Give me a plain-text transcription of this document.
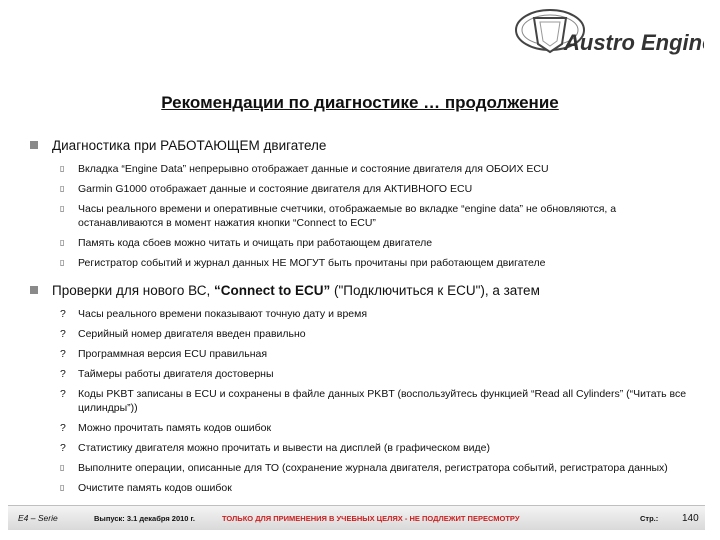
Austro Engine
Рекомендации по диагностике … продолжение
Диагностика при РАБОТАЮЩЕМ двигателе
▯	Вкладка “Engine Data” непрерывно отображает данные и состояние двигателя для ОБОИХ ECU
▯	Garmin G1000 отображает данные и состояние двигателя для АКТИВНОГО ECU
▯	Часы реального времени и оперативные счетчики, отображаемые во вкладке “engine data” не обновляются, а останавливаются в момент нажатия кнопки “Connect to ECU”
▯	Память кода сбоев можно читать и очищать при работающем двигателе
▯	Регистратор событий и журнал данных НЕ МОГУТ быть прочитаны при работающем двигателе
Проверки для нового ВС, “Connect to ECU” ("Подключиться к ECU"), а затем
?	Часы реального времени показывают точную дату и время
?	Серийный номер двигателя введен правильно
?	Программная версия ECU правильная
?	Таймеры работы двигателя достоверны
?	Коды PKBT записаны в ECU и сохранены в файле данных PKBT (воспользуйтесь функцией “Read all Cylinders” (“Читать все цилиндры”))
?	Можно прочитать память кодов ошибок
?	Статистику двигателя можно прочитать и вывести на дисплей (в графическом виде)
▯	Выполните операции, описанные для ТО (сохранение журнала двигателя, регистратора событий, регистратора данных)
▯	Очистите память кодов ошибок
E4 – Serie	Выпуск: 3.1 декабря 2010 г.	ТОЛЬКО ДЛЯ ПРИМЕНЕНИЯ В УЧЕБНЫХ ЦЕЛЯХ - НЕ ПОДЛЕЖИТ ПЕРЕСМОТРУ	Стр.: 140
